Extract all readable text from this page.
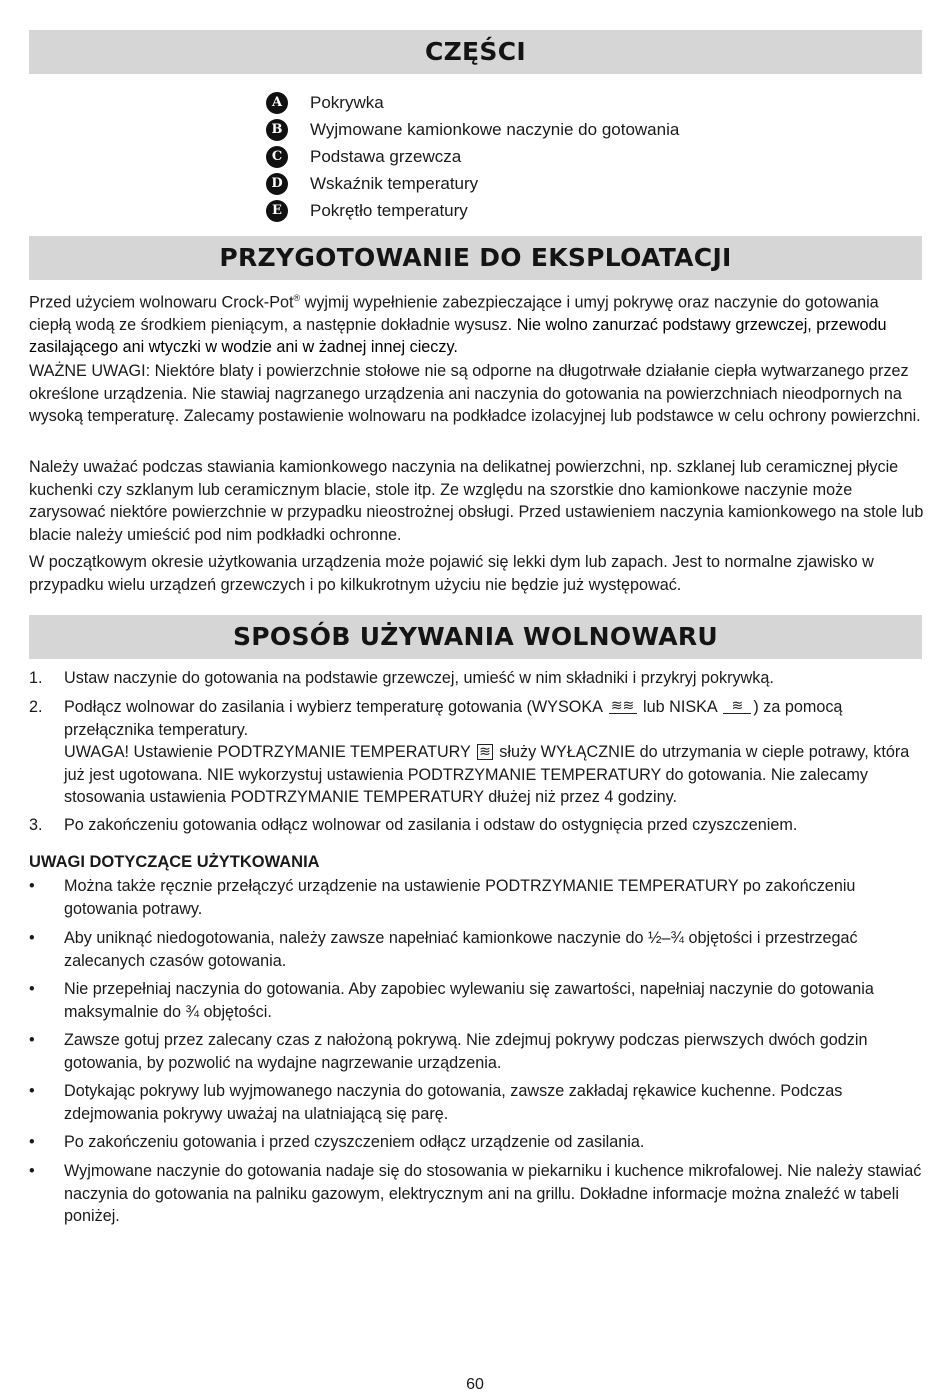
CZĘŚCI
A	Pokrywka
B	Wyjmowane kamionkowe naczynie do gotowania
C	Podstawa grzewcza
D	Wskaźnik temperatury
E	Pokrętło temperatury
PRZYGOTOWANIE DO EKSPLOATACJI

Przed użyciem wolnowaru Crock-Pot® wyjmij wypełnienie zabezpieczające i umyj pokrywę oraz naczynie do gotowania ciepłą wodą ze środkiem pieniącym, a następnie dokładnie wysusz. Nie wolno zanurzać podstawy grzewczej, przewodu zasilającego ani wtyczki w wodzie ani w żadnej innej cieczy.

WAŻNE UWAGI: Niektóre blaty i powierzchnie stołowe nie są odporne na długotrwałe działanie ciepła wytwarzanego przez określone urządzenia. Nie stawiaj nagrzanego urządzenia ani naczynia do gotowania na powierzchniach nieodpornych na wysoką temperaturę. Zalecamy postawienie wolnowaru na podkładce izolacyjnej lub podstawce w celu ochrony powierzchni.

Należy uważać podczas stawiania kamionkowego naczynia na delikatnej powierzchni, np. szklanej lub ceramicznej płycie kuchenki czy szklanym lub ceramicznym blacie, stole itp. Ze względu na szorstkie dno kamionkowe naczynie może zarysować niektóre powierzchnie w przypadku nieostrożnej obsługi. Przed ustawieniem naczynia kamionkowego na stole lub blacie należy umieścić pod nim podkładki ochronne.

W początkowym okresie użytkowania urządzenia może pojawić się lekki dym lub zapach. Jest to normalne zjawisko w przypadku wielu urządzeń grzewczych i po kilkukrotnym użyciu nie będzie już występować.

SPOSÓB UŻYWANIA WOLNOWARU
1. Ustaw naczynie do gotowania na podstawie grzewczej, umieść w nim składniki i przykryj pokrywką.
2. Podłącz wolnowar do zasilania i wybierz temperaturę gotowania (WYSOKA ≋≋ lub NISKA ≋ ) za pomocą przełącznika temperatury.
UWAGA! Ustawienie PODTRZYMANIE TEMPERATURY ≋ służy WYŁĄCZNIE do utrzymania w cieple potrawy, która już jest ugotowana. NIE wykorzystuj ustawienia PODTRZYMANIE TEMPERATURY do gotowania. Nie zalecamy stosowania ustawienia PODTRZYMANIE TEMPERATURY dłużej niż przez 4 godziny.
3. Po zakończeniu gotowania odłącz wolnowar od zasilania i odstaw do ostygnięcia przed czyszczeniem.
UWAGI DOTYCZĄCE UŻYTKOWANIA
• Można także ręcznie przełączyć urządzenie na ustawienie PODTRZYMANIE TEMPERATURY po zakończeniu gotowania potrawy.
• Aby uniknąć niedogotowania, należy zawsze napełniać kamionkowe naczynie do ½–¾ objętości i przestrzegać zalecanych czasów gotowania.
• Nie przepełniaj naczynia do gotowania. Aby zapobiec wylewaniu się zawartości, napełniaj naczynie do gotowania maksymalnie do ¾ objętości.
• Zawsze gotuj przez zalecany czas z nałożoną pokrywą. Nie zdejmuj pokrywy podczas pierwszych dwóch godzin gotowania, by pozwolić na wydajne nagrzewanie urządzenia.
• Dotykając pokrywy lub wyjmowanego naczynia do gotowania, zawsze zakładaj rękawice kuchenne. Podczas zdejmowania pokrywy uważaj na ulatniającą się parę.
• Po zakończeniu gotowania i przed czyszczeniem odłącz urządzenie od zasilania.
• Wyjmowane naczynie do gotowania nadaje się do stosowania w piekarniku i kuchence mikrofalowej. Nie należy stawiać naczynia do gotowania na palniku gazowym, elektrycznym ani na grillu. Dokładne informacje można znaleźć w tabeli poniżej.
60
